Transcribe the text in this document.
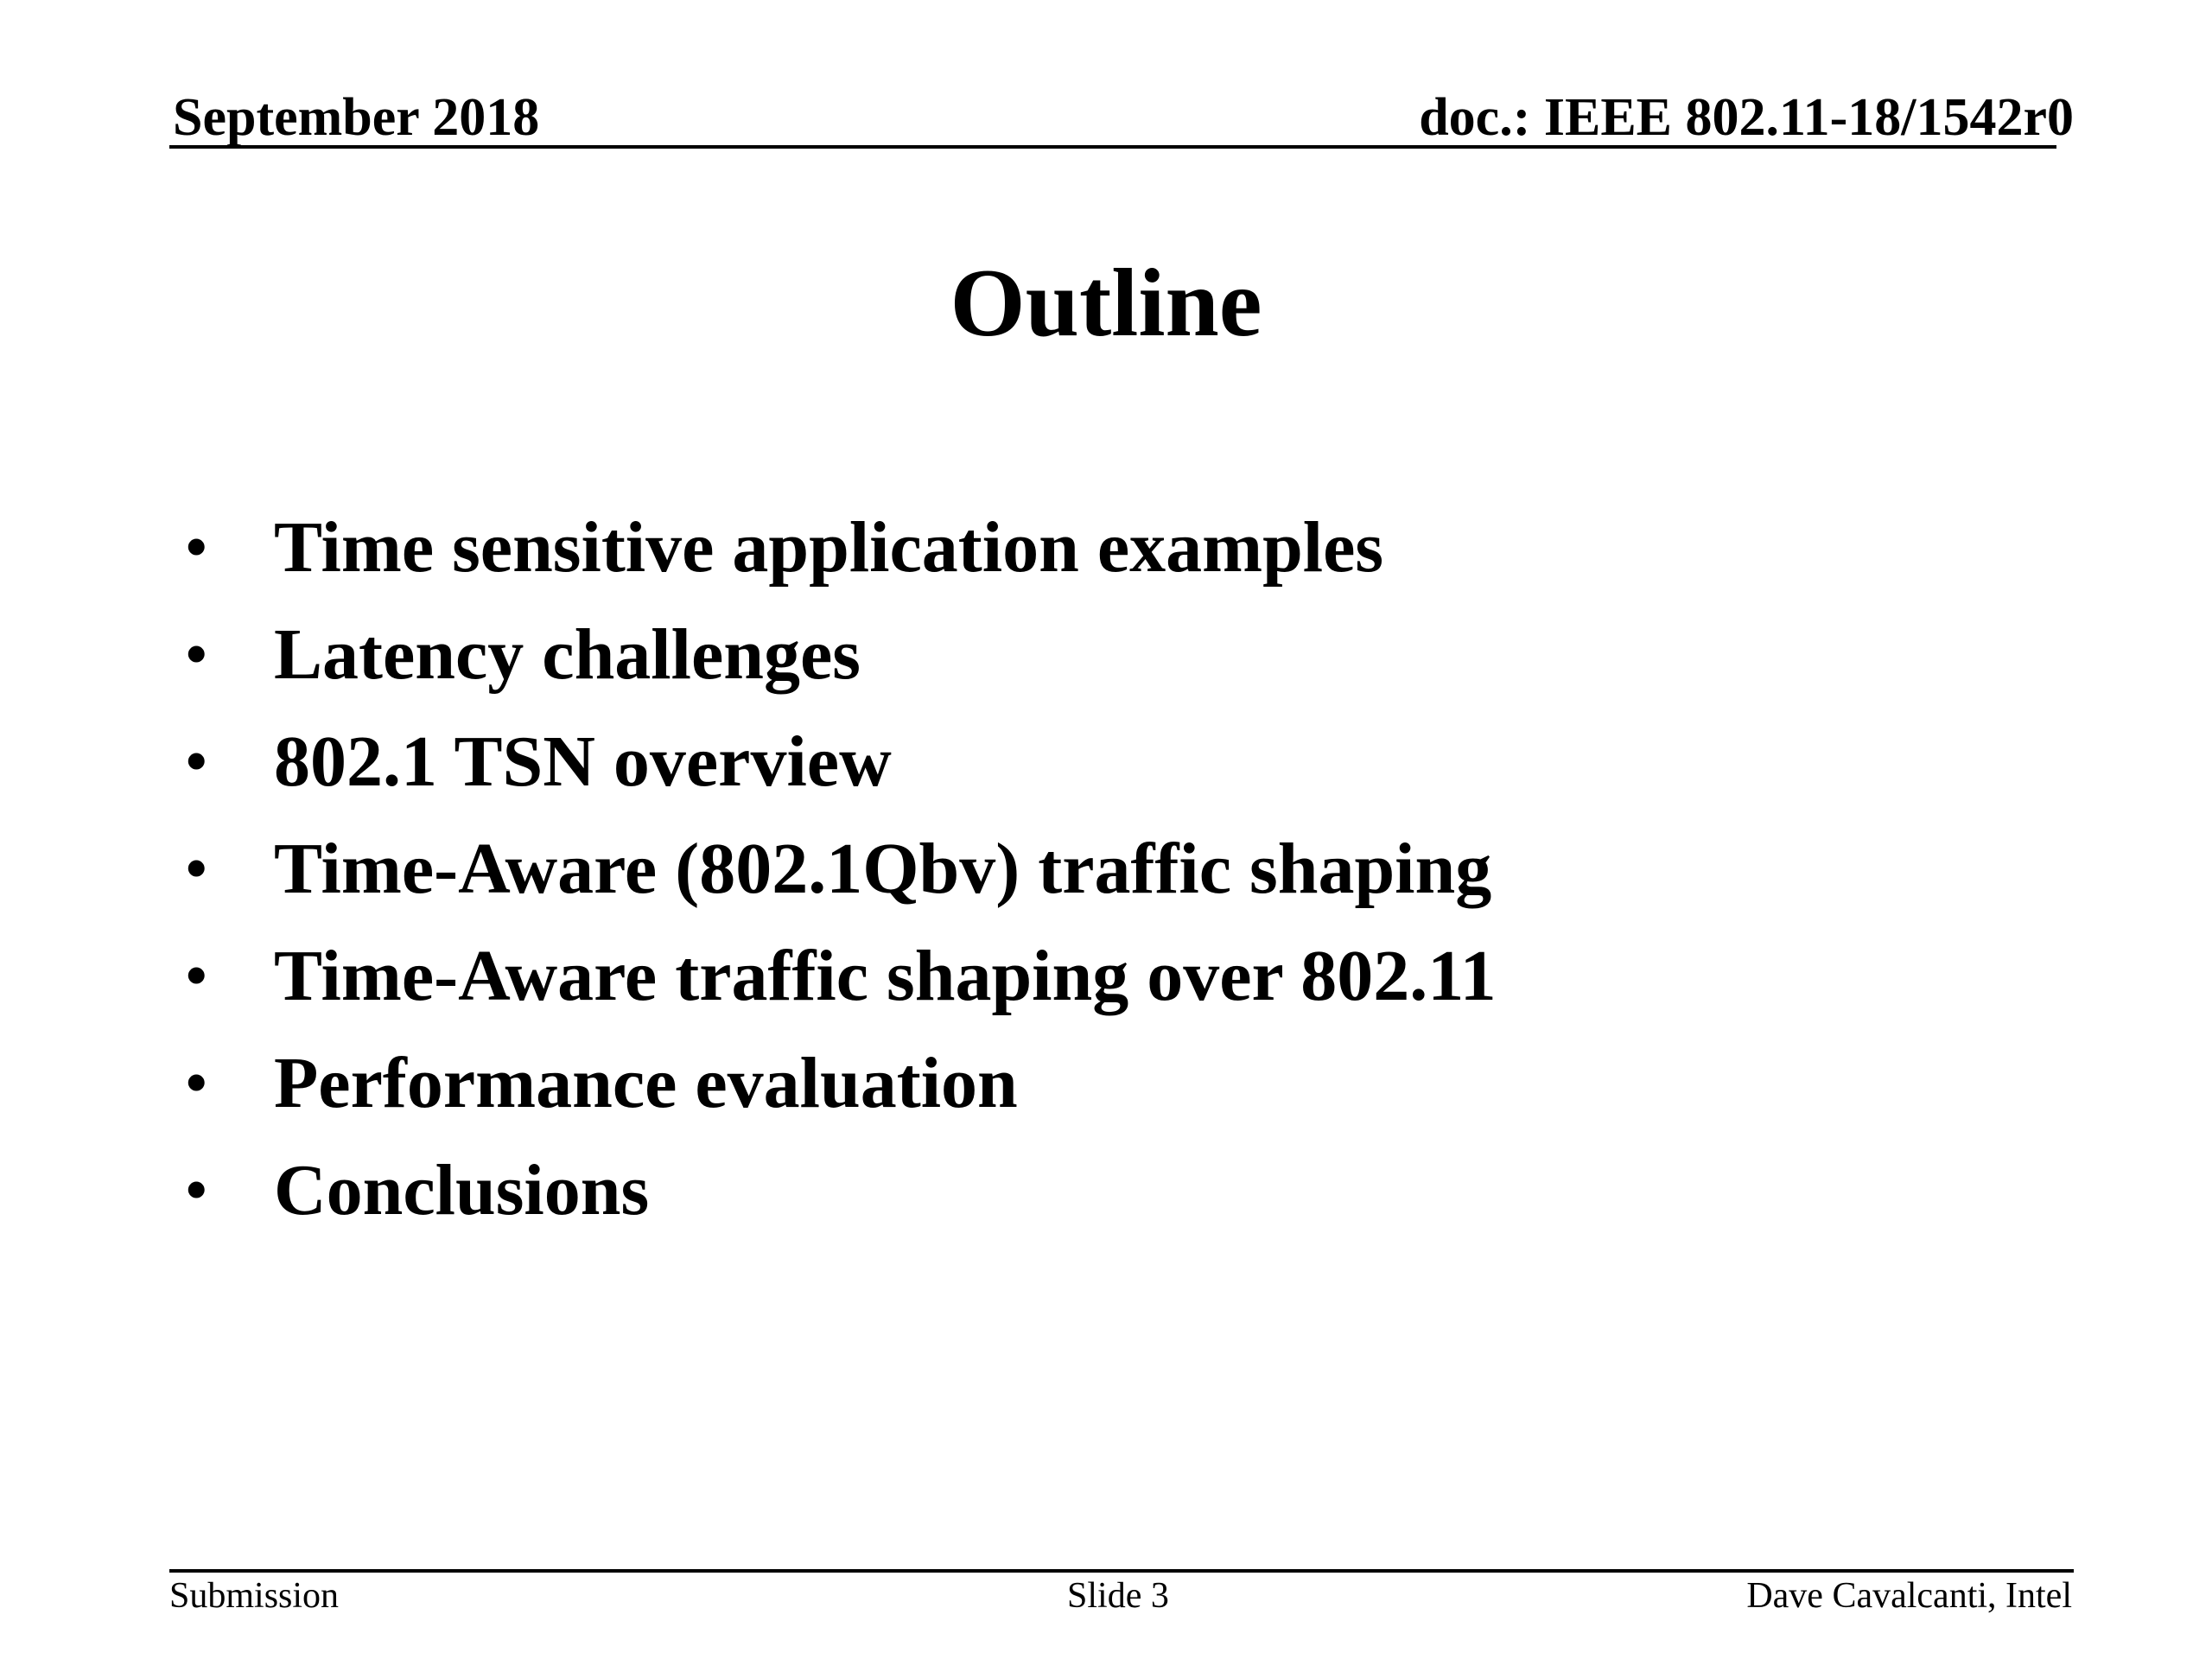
September 2018	doc.: IEEE 802.11-18/1542r0
Outline
• Time sensitive application examples
• Latency challenges
• 802.1 TSN overview
• Time-Aware (802.1Qbv) traffic shaping
• Time-Aware traffic shaping over 802.11
• Performance evaluation
• Conclusions
Submission	Slide 3	Dave Cavalcanti, Intel
